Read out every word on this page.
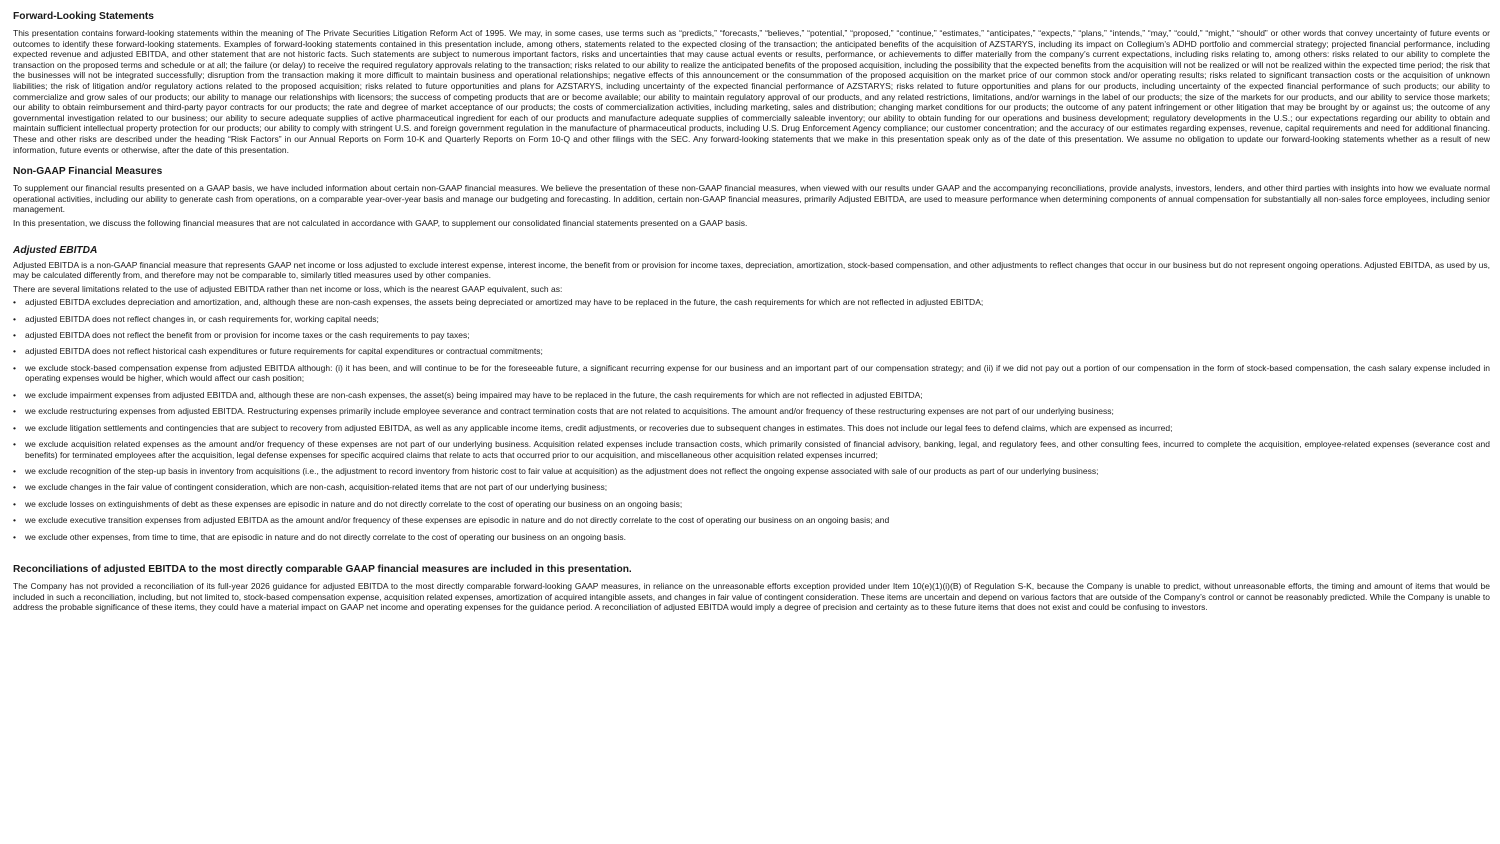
Forward-Looking Statements

This presentation contains forward-looking statements within the meaning of The Private Securities Litigation Reform Act of 1995. We may, in some cases, use terms such as “predicts,” “forecasts,” “believes,” “potential,” “proposed,” “continue,” “estimates,” “anticipates,” “expects,” “plans,” “intends,” “may,” “could,” “might,” “should” or other words that convey uncertainty of future events or outcomes to identify these forward-looking statements. Examples of forward-looking statements contained in this presentation include, among others, statements related to the expected closing of the transaction; the anticipated benefits of the acquisition of AZSTARYS, including its impact on Collegium’s ADHD portfolio and commercial strategy; projected financial performance, including expected revenue and adjusted EBITDA, and other statement that are not historic facts. Such statements are subject to numerous important factors, risks and uncertainties that may cause actual events or results, performance, or achievements to differ materially from the company’s current expectations, including risks relating to, among others: risks related to our ability to complete the transaction on the proposed terms and schedule or at all; the failure (or delay) to receive the required regulatory approvals relating to the transaction; risks related to our ability to realize the anticipated benefits of the proposed acquisition, including the possibility that the expected benefits from the acquisition will not be realized or will not be realized within the expected time period; the risk that the businesses will not be integrated successfully; disruption from the transaction making it more difficult to maintain business and operational relationships; negative effects of this announcement or the consummation of the proposed acquisition on the market price of our common stock and/or operating results; risks related to significant transaction costs or the acquisition of unknown liabilities; the risk of litigation and/or regulatory actions related to the proposed acquisition; risks related to future opportunities and plans for AZSTARYS, including uncertainty of the expected financial performance of AZSTARYS; risks related to future opportunities and plans for our products, including uncertainty of the expected financial performance of such products; our ability to commercialize and grow sales of our products; our ability to manage our relationships with licensors; the success of competing products that are or become available; our ability to maintain regulatory approval of our products, and any related restrictions, limitations, and/or warnings in the label of our products; the size of the markets for our products, and our ability to service those markets; our ability to obtain reimbursement and third-party payor contracts for our products; the rate and degree of market acceptance of our products; the costs of commercialization activities, including marketing, sales and distribution; changing market conditions for our products; the outcome of any patent infringement or other litigation that may be brought by or against us; the outcome of any governmental investigation related to our business; our ability to secure adequate supplies of active pharmaceutical ingredient for each of our products and manufacture adequate supplies of commercially saleable inventory; our ability to obtain funding for our operations and business development; regulatory developments in the U.S.; our expectations regarding our ability to obtain and maintain sufficient intellectual property protection for our products; our ability to comply with stringent U.S. and foreign government regulation in the manufacture of pharmaceutical products, including U.S. Drug Enforcement Agency compliance; our customer concentration; and the accuracy of our estimates regarding expenses, revenue, capital requirements and need for additional financing. These and other risks are described under the heading “Risk Factors” in our Annual Reports on Form 10-K and Quarterly Reports on Form 10-Q and other filings with the SEC. Any forward-looking statements that we make in this presentation speak only as of the date of this presentation. We assume no obligation to update our forward-looking statements whether as a result of new information, future events or otherwise, after the date of this presentation.

Non-GAAP Financial Measures

To supplement our financial results presented on a GAAP basis, we have included information about certain non-GAAP financial measures. We believe the presentation of these non-GAAP financial measures, when viewed with our results under GAAP and the accompanying reconciliations, provide analysts, investors, lenders, and other third parties with insights into how we evaluate normal operational activities, including our ability to generate cash from operations, on a comparable year-over-year basis and manage our budgeting and forecasting. In addition, certain non-GAAP financial measures, primarily Adjusted EBITDA, are used to measure performance when determining components of annual compensation for substantially all non-sales force employees, including senior management.

In this presentation, we discuss the following financial measures that are not calculated in accordance with GAAP, to supplement our consolidated financial statements presented on a GAAP basis.

Adjusted EBITDA

Adjusted EBITDA is a non-GAAP financial measure that represents GAAP net income or loss adjusted to exclude interest expense, interest income, the benefit from or provision for income taxes, depreciation, amortization, stock-based compensation, and other adjustments to reflect changes that occur in our business but do not represent ongoing operations. Adjusted EBITDA, as used by us, may be calculated differently from, and therefore may not be comparable to, similarly titled measures used by other companies.

There are several limitations related to the use of adjusted EBITDA rather than net income or loss, which is the nearest GAAP equivalent, such as:

• adjusted EBITDA excludes depreciation and amortization, and, although these are non-cash expenses, the assets being depreciated or amortized may have to be replaced in the future, the cash requirements for which are not reflected in adjusted EBITDA;
• adjusted EBITDA does not reflect changes in, or cash requirements for, working capital needs;
• adjusted EBITDA does not reflect the benefit from or provision for income taxes or the cash requirements to pay taxes;
• adjusted EBITDA does not reflect historical cash expenditures or future requirements for capital expenditures or contractual commitments;
• we exclude stock-based compensation expense from adjusted EBITDA although: (i) it has been, and will continue to be for the foreseeable future, a significant recurring expense for our business and an important part of our compensation strategy; and (ii) if we did not pay out a portion of our compensation in the form of stock-based compensation, the cash salary expense included in operating expenses would be higher, which would affect our cash position;
• we exclude impairment expenses from adjusted EBITDA and, although these are non-cash expenses, the asset(s) being impaired may have to be replaced in the future, the cash requirements for which are not reflected in adjusted EBITDA;
• we exclude restructuring expenses from adjusted EBITDA. Restructuring expenses primarily include employee severance and contract termination costs that are not related to acquisitions. The amount and/or frequency of these restructuring expenses are not part of our underlying business;
• we exclude litigation settlements and contingencies that are subject to recovery from adjusted EBITDA, as well as any applicable income items, credit adjustments, or recoveries due to subsequent changes in estimates. This does not include our legal fees to defend claims, which are expensed as incurred;
• we exclude acquisition related expenses as the amount and/or frequency of these expenses are not part of our underlying business. Acquisition related expenses include transaction costs, which primarily consisted of financial advisory, banking, legal, and regulatory fees, and other consulting fees, incurred to complete the acquisition, employee-related expenses (severance cost and benefits) for terminated employees after the acquisition, legal defense expenses for specific acquired claims that relate to acts that occurred prior to our acquisition, and miscellaneous other acquisition related expenses incurred;
• we exclude recognition of the step-up basis in inventory from acquisitions (i.e., the adjustment to record inventory from historic cost to fair value at acquisition) as the adjustment does not reflect the ongoing expense associated with sale of our products as part of our underlying business;
• we exclude changes in the fair value of contingent consideration, which are non-cash, acquisition-related items that are not part of our underlying business;
• we exclude losses on extinguishments of debt as these expenses are episodic in nature and do not directly correlate to the cost of operating our business on an ongoing basis;
• we exclude executive transition expenses from adjusted EBITDA as the amount and/or frequency of these expenses are episodic in nature and do not directly correlate to the cost of operating our business on an ongoing basis; and
• we exclude other expenses, from time to time, that are episodic in nature and do not directly correlate to the cost of operating our business on an ongoing basis.
Reconciliations of adjusted EBITDA to the most directly comparable GAAP financial measures are included in this presentation.

The Company has not provided a reconciliation of its full-year 2026 guidance for adjusted EBITDA to the most directly comparable forward-looking GAAP measures, in reliance on the unreasonable efforts exception provided under Item 10(e)(1)(i)(B) of Regulation S-K, because the Company is unable to predict, without unreasonable efforts, the timing and amount of items that would be included in such a reconciliation, including, but not limited to, stock-based compensation expense, acquisition related expenses, amortization of acquired intangible assets, and changes in fair value of contingent consideration. These items are uncertain and depend on various factors that are outside of the Company’s control or cannot be reasonably predicted. While the Company is unable to address the probable significance of these items, they could have a material impact on GAAP net income and operating expenses for the guidance period. A reconciliation of adjusted EBITDA would imply a degree of precision and certainty as to these future items that does not exist and could be confusing to investors.
